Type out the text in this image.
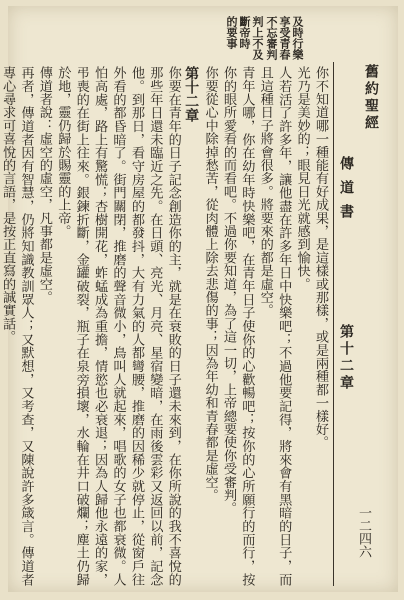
判上不及
斷帝時
的要事	及時行樂
享受青春
不忘審判
舊約聖經
傳道書
第十二章
一二四六

你不知道哪一種能有好成果，是這樣或那樣，或是兩種都一樣好。

光乃是美妙的；眼見日光就感到愉快。

人若活了許多年，讓他盡在許多年日中快樂吧；不過他要記得，將來會有黑暗的日子，而且這種日子將會很多。將要來的都是虛空。

青年人哪，你在幼年時快樂吧，在青年日子使你的心歡暢吧；按你的心所願行的而行，按你的眼所愛看的而看吧。不過你要知道，為了這一切，上帝總要使你受審判。

你要從心中除掉愁苦，從肉體上除去悲傷的事；因為年幼和青春都是虛空。

第十二章

你要在青年的日子記念創造你的主，就是在衰敗的日子還未來到，在你所說的我不喜悅的那些年日還未臨近之先。在日頭、亮光、月亮、星宿變暗，在雨後雲彩又返回以前，記念他。到那日，看守房屋的都發抖，大有力氣的人都彎腰，推磨的因稀少就停止，從窗戶往外看的都昏暗了。街門關閉，推磨的聲音微小，鳥叫人就起來，唱歌的女子也都衰微。人怕高處，路上有驚慌；杏樹開花，蚱蜢成為重擔，情慾也必衰退；因為人歸他永遠的家，弔喪的在街上往來。銀鍊折斷，金罐破裂，瓶子在泉旁損壞，水輪在井口破爛；塵土仍歸於地，靈仍歸於賜靈的上帝。

傳道者說：虛空的虛空，凡事都是虛空。

再者，傳道者因有智慧，仍將知識教訓眾人；又默想，又考查，又陳說許多箴言。傳道者專心尋求可喜悅的言語，是按正直寫的誠實話。
